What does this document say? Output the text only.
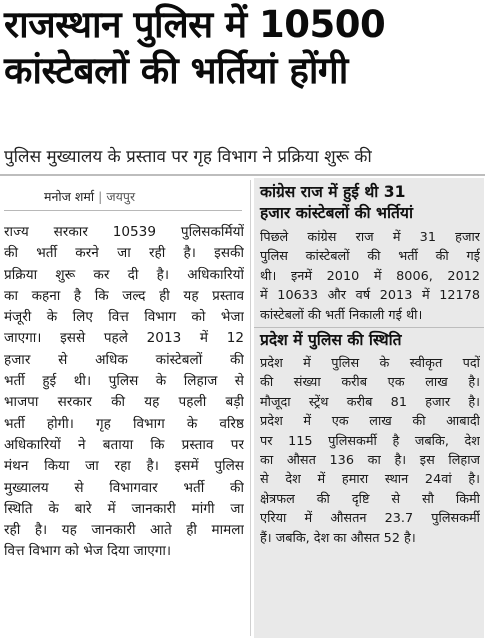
राजस्थान पुलिस में 10500
कांस्टेबलों की भर्तियां होंगी
पुलिस मुख्यालय के प्रस्ताव पर गृह विभाग ने प्रक्रिया शुरू की
मनोज शर्मा | जयपुर
राज्य सरकार 10539 पुलिसकर्मियों
की भर्ती करने जा रही है। इसकी
प्रक्रिया शुरू कर दी है। अधिकारियों
का कहना है कि जल्द ही यह प्रस्ताव
मंजूरी के लिए वित्त विभाग को भेजा
जाएगा। इससे पहले 2013 में 12
हजार से अधिक कांस्टेबलों की
भर्ती हुई थी। पुलिस के लिहाज से
भाजपा सरकार की यह पहली बड़ी
भर्ती होगी। गृह विभाग के वरिष्ठ
अधिकारियों ने बताया कि प्रस्ताव पर
मंथन किया जा रहा है। इसमें पुलिस
मुख्यालय से विभागवार भर्ती की
स्थिति के बारे में जानकारी मांगी जा
रही है। यह जानकारी आते ही मामला
वित्त विभाग को भेज दिया जाएगा।
कांग्रेस राज में हुई थी 31
हजार कांस्टेबलों की भर्तियां
पिछले कांग्रेस राज में 31 हजार
पुलिस कांस्टेबलों की भर्ती की गई
थी। इनमें 2010 में 8006, 2012
में 10633 और वर्ष 2013 में 12178
कांस्टेबलों की भर्ती निकाली गई थी।
प्रदेश में पुलिस की स्थिति
प्रदेश में पुलिस के स्वीकृत पदों
की संख्या करीब एक लाख है।
मौजूदा स्ट्रेंथ करीब 81 हजार है।
प्रदेश में एक लाख की आबादी
पर 115 पुलिसकर्मी है जबकि, देश
का औसत 136 का है। इस लिहाज
से देश में हमारा स्थान 24वां है।
क्षेत्रफल की दृष्टि से सौ किमी
एरिया में औसतन 23.7 पुलिसकर्मी
हैं। जबकि, देश का औसत 52 है।
